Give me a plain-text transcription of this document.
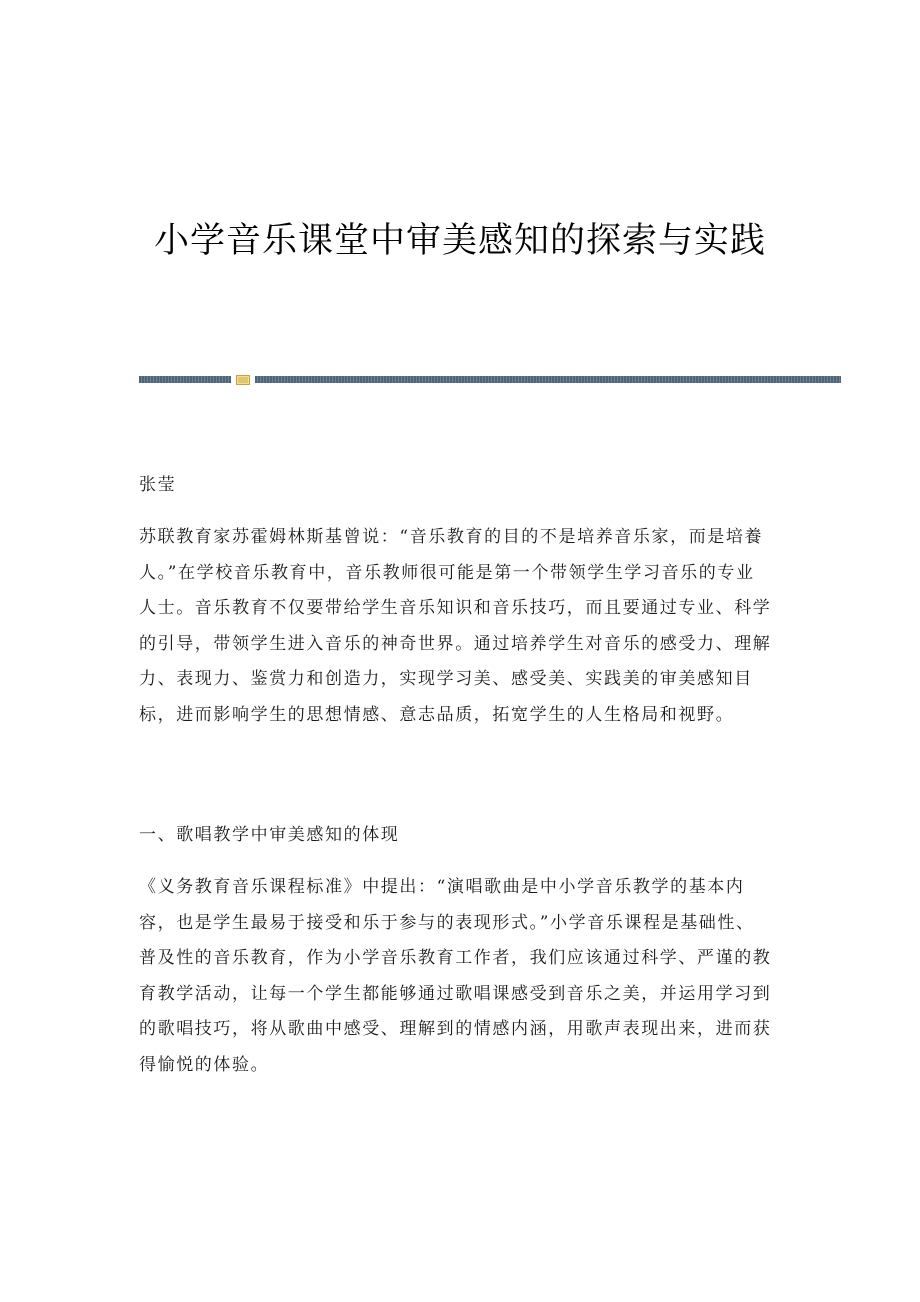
小学音乐课堂中审美感知的探索与实践
张莹
苏联教育家苏霍姆林斯基曾说：“音乐教育的目的不是培养音乐家，而是培養
人。”在学校音乐教育中，音乐教师很可能是第一个带领学生学习音乐的专业
人士。音乐教育不仅要带给学生音乐知识和音乐技巧，而且要通过专业、科学
的引导，带领学生进入音乐的神奇世界。通过培养学生对音乐的感受力、理解
力、表现力、鉴赏力和创造力，实现学习美、感受美、实践美的审美感知目
标，进而影响学生的思想情感、意志品质，拓宽学生的人生格局和视野。
一、歌唱教学中审美感知的体现
《义务教育音乐课程标准》中提出：“演唱歌曲是中小学音乐教学的基本内
容，也是学生最易于接受和乐于参与的表现形式。”小学音乐课程是基础性、
普及性的音乐教育，作为小学音乐教育工作者，我们应该通过科学、严谨的教
育教学活动，让每一个学生都能够通过歌唱课感受到音乐之美，并运用学习到
的歌唱技巧，将从歌曲中感受、理解到的情感内涵，用歌声表现出来，进而获
得愉悦的体验。
